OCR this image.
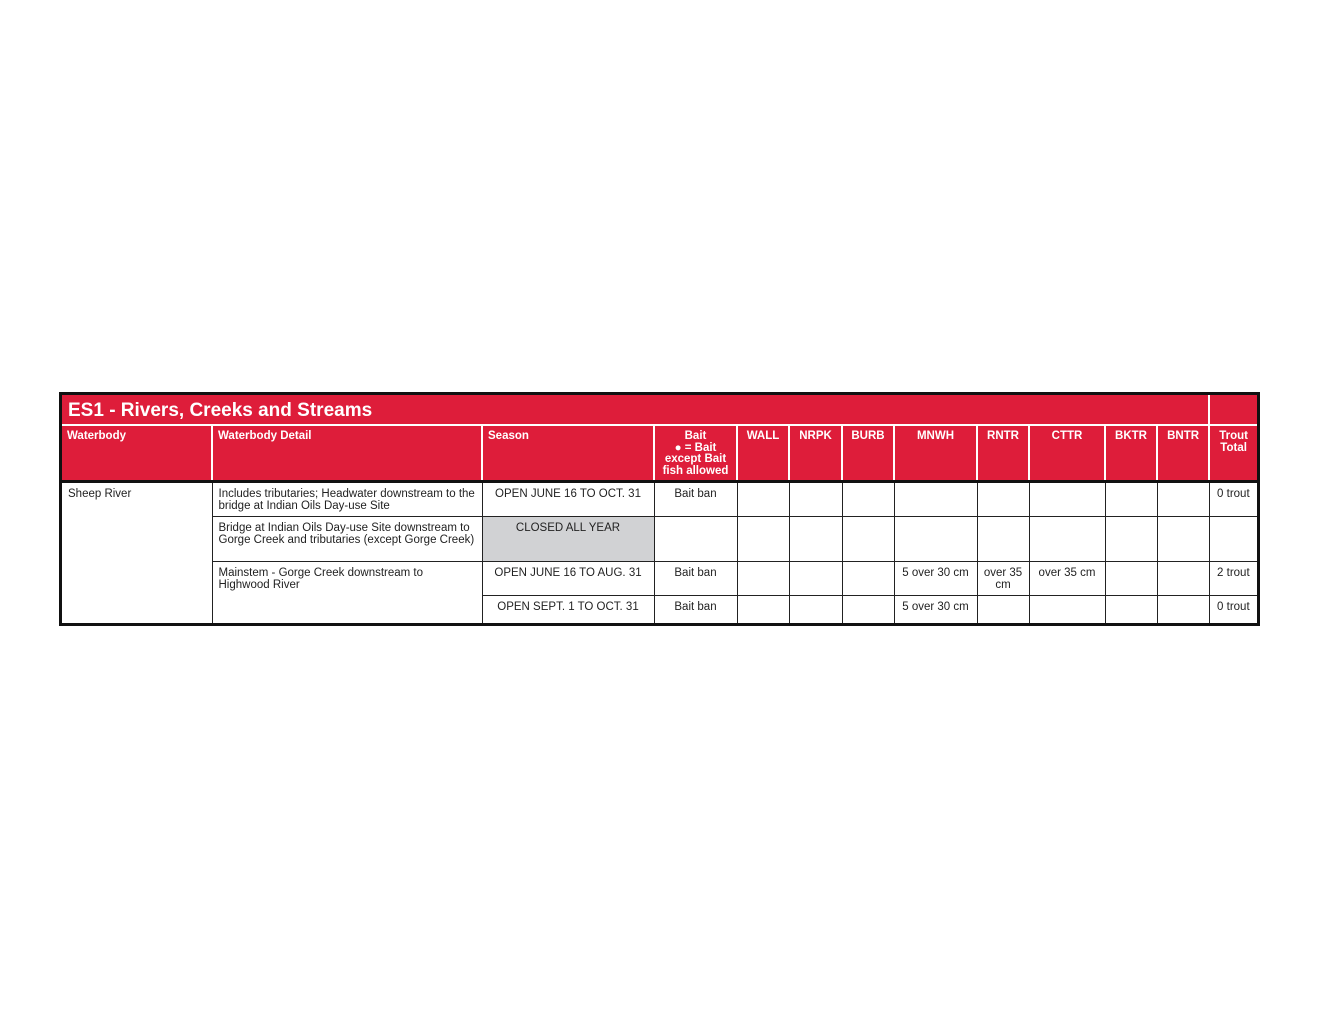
ES1 - Rivers, Creeks and Streams												
Waterbody	Waterbody Detail	Season	Bait
● = Bait
except Bait
fish allowed	WALL	NRPK	BURB	MNWH	RNTR	CTTR	BKTR	BNTR	Trout
Total

Sheep River	Includes tributaries; Headwater downstream to the bridge at Indian Oils Day-use Site	OPEN JUNE 16 TO OCT. 31	Bait ban									0 trout
	Bridge at Indian Oils Day-use Site downstream to Gorge Creek and tributaries (except Gorge Creek)	CLOSED ALL YEAR										
	Mainstem - Gorge Creek downstream to Highwood River	OPEN JUNE 16 TO AUG. 31	Bait ban				5 over 30 cm	over 35 cm	over 35 cm			2 trout
		OPEN SEPT. 1 TO OCT. 31	Bait ban				5 over 30 cm					0 trout
